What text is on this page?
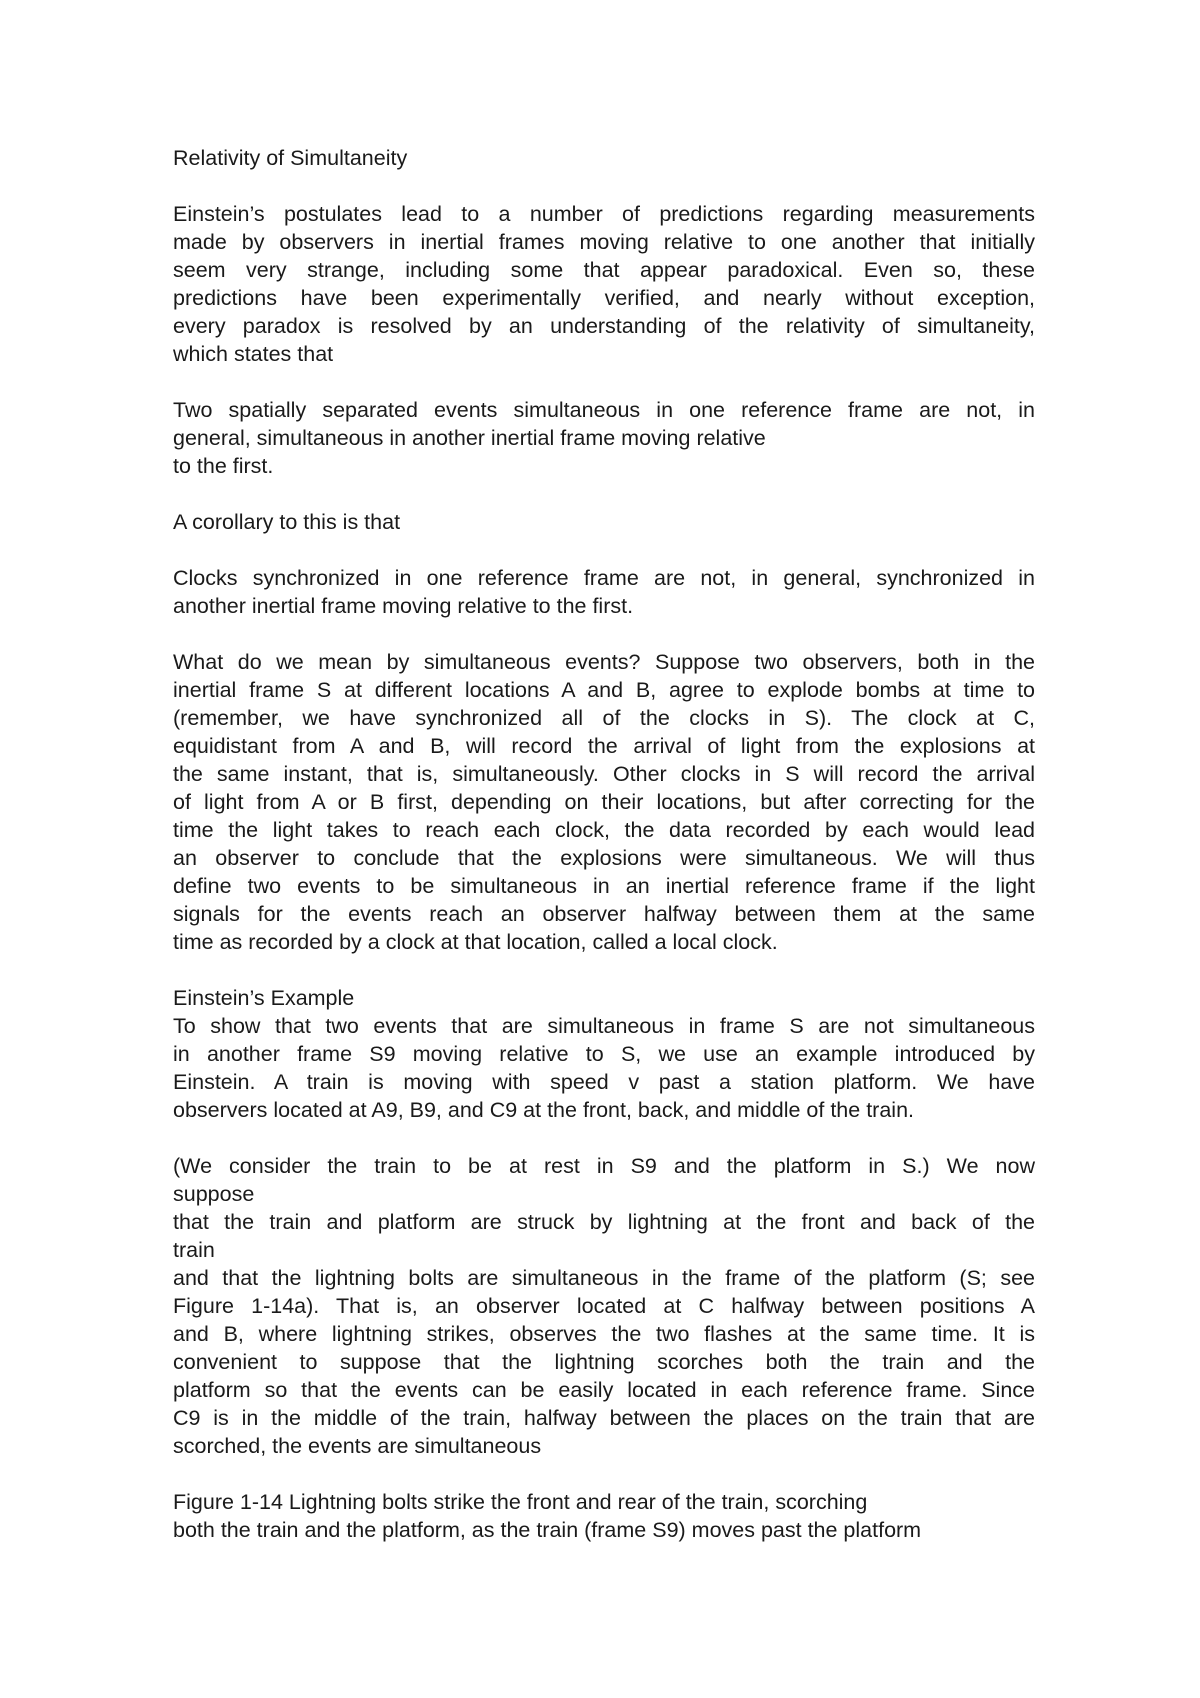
Relativity of Simultaneity

Einstein’s postulates lead to a number of predictions regarding measurements
made by observers in inertial frames moving relative to one another that initially
seem very strange, including some that appear paradoxical. Even so, these
predictions have been experimentally verified, and nearly without exception,
every paradox is resolved by an understanding of the relativity of simultaneity,
which states that

Two spatially separated events simultaneous in one reference frame are not, in
general, simultaneous in another inertial frame moving relative
to the first.

A corollary to this is that

Clocks synchronized in one reference frame are not, in general, synchronized in
another inertial frame moving relative to the first.

What do we mean by simultaneous events? Suppose two observers, both in the
inertial frame S at different locations A and B, agree to explode bombs at time to
(remember, we have synchronized all of the clocks in S). The clock at C,
equidistant from A and B, will record the arrival of light from the explosions at
the same instant, that is, simultaneously. Other clocks in S will record the arrival
of light from A or B first, depending on their locations, but after correcting for the
time the light takes to reach each clock, the data recorded by each would lead
an observer to conclude that the explosions were simultaneous. We will thus
define two events to be simultaneous in an inertial reference frame if the light
signals for the events reach an observer halfway between them at the same
time as recorded by a clock at that location, called a local clock.

Einstein’s Example

To show that two events that are simultaneous in frame S are not simultaneous
in another frame S9 moving relative to S, we use an example introduced by
Einstein. A train is moving with speed v past a station platform. We have
observers located at A9, B9, and C9 at the front, back, and middle of the train.

(We consider the train to be at rest in S9 and the platform in S.) We now
suppose
that the train and platform are struck by lightning at the front and back of the
train
and that the lightning bolts are simultaneous in the frame of the platform (S; see
Figure 1-14a). That is, an observer located at C halfway between positions A
and B, where lightning strikes, observes the two flashes at the same time. It is
convenient to suppose that the lightning scorches both the train and the
platform so that the events can be easily located in each reference frame. Since
C9 is in the middle of the train, halfway between the places on the train that are
scorched, the events are simultaneous

Figure 1-14 Lightning bolts strike the front and rear of the train, scorching
both the train and the platform, as the train (frame S9) moves past the platform
